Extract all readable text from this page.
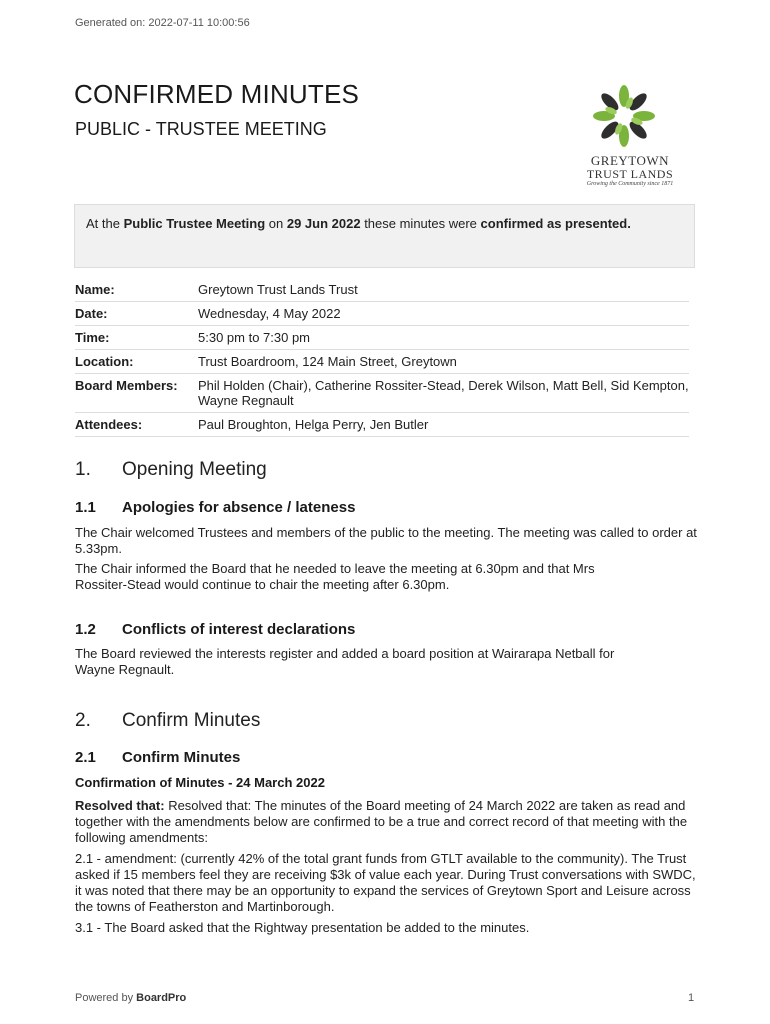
Generated on: 2022-07-11 10:00:56
CONFIRMED MINUTES
PUBLIC - TRUSTEE MEETING
GREYTOWN
TRUST LANDS
Growing the Community since 1871
At the Public Trustee Meeting on 29 Jun 2022 these minutes were confirmed as presented.
Name:	Greytown Trust Lands Trust
Date:	Wednesday, 4 May 2022
Time:	5:30 pm to 7:30 pm
Location:	Trust Boardroom, 124 Main Street, Greytown
Board Members:	Phil Holden (Chair), Catherine Rossiter-Stead, Derek Wilson, Matt Bell, Sid Kempton, Wayne Regnault
Attendees:	Paul Broughton, Helga Perry, Jen Butler
1. Opening Meeting
1.1 Apologies for absence / lateness
The Chair welcomed Trustees and members of the public to the meeting. The meeting was called to order at 5.33pm.
The Chair informed the Board that he needed to leave the meeting at 6.30pm and that Mrs Rossiter-Stead would continue to chair the meeting after 6.30pm.
1.2 Conflicts of interest declarations
The Board reviewed the interests register and added a board position at Wairarapa Netball for Wayne Regnault.
2. Confirm Minutes
2.1 Confirm Minutes
Confirmation of Minutes - 24 March 2022
Resolved that: Resolved that: The minutes of the Board meeting of 24 March 2022 are taken as read and together with the amendments below are confirmed to be a true and correct record of that meeting with the following amendments:
2.1 - amendment: (currently 42% of the total grant funds from GTLT available to the community). The Trust asked if 15 members feel they are receiving $3k of value each year. During Trust conversations with SWDC, it was noted that there may be an opportunity to expand the services of Greytown Sport and Leisure across the towns of Featherston and Martinborough.
3.1 - The Board asked that the Rightway presentation be added to the minutes.
Powered by BoardPro	1
